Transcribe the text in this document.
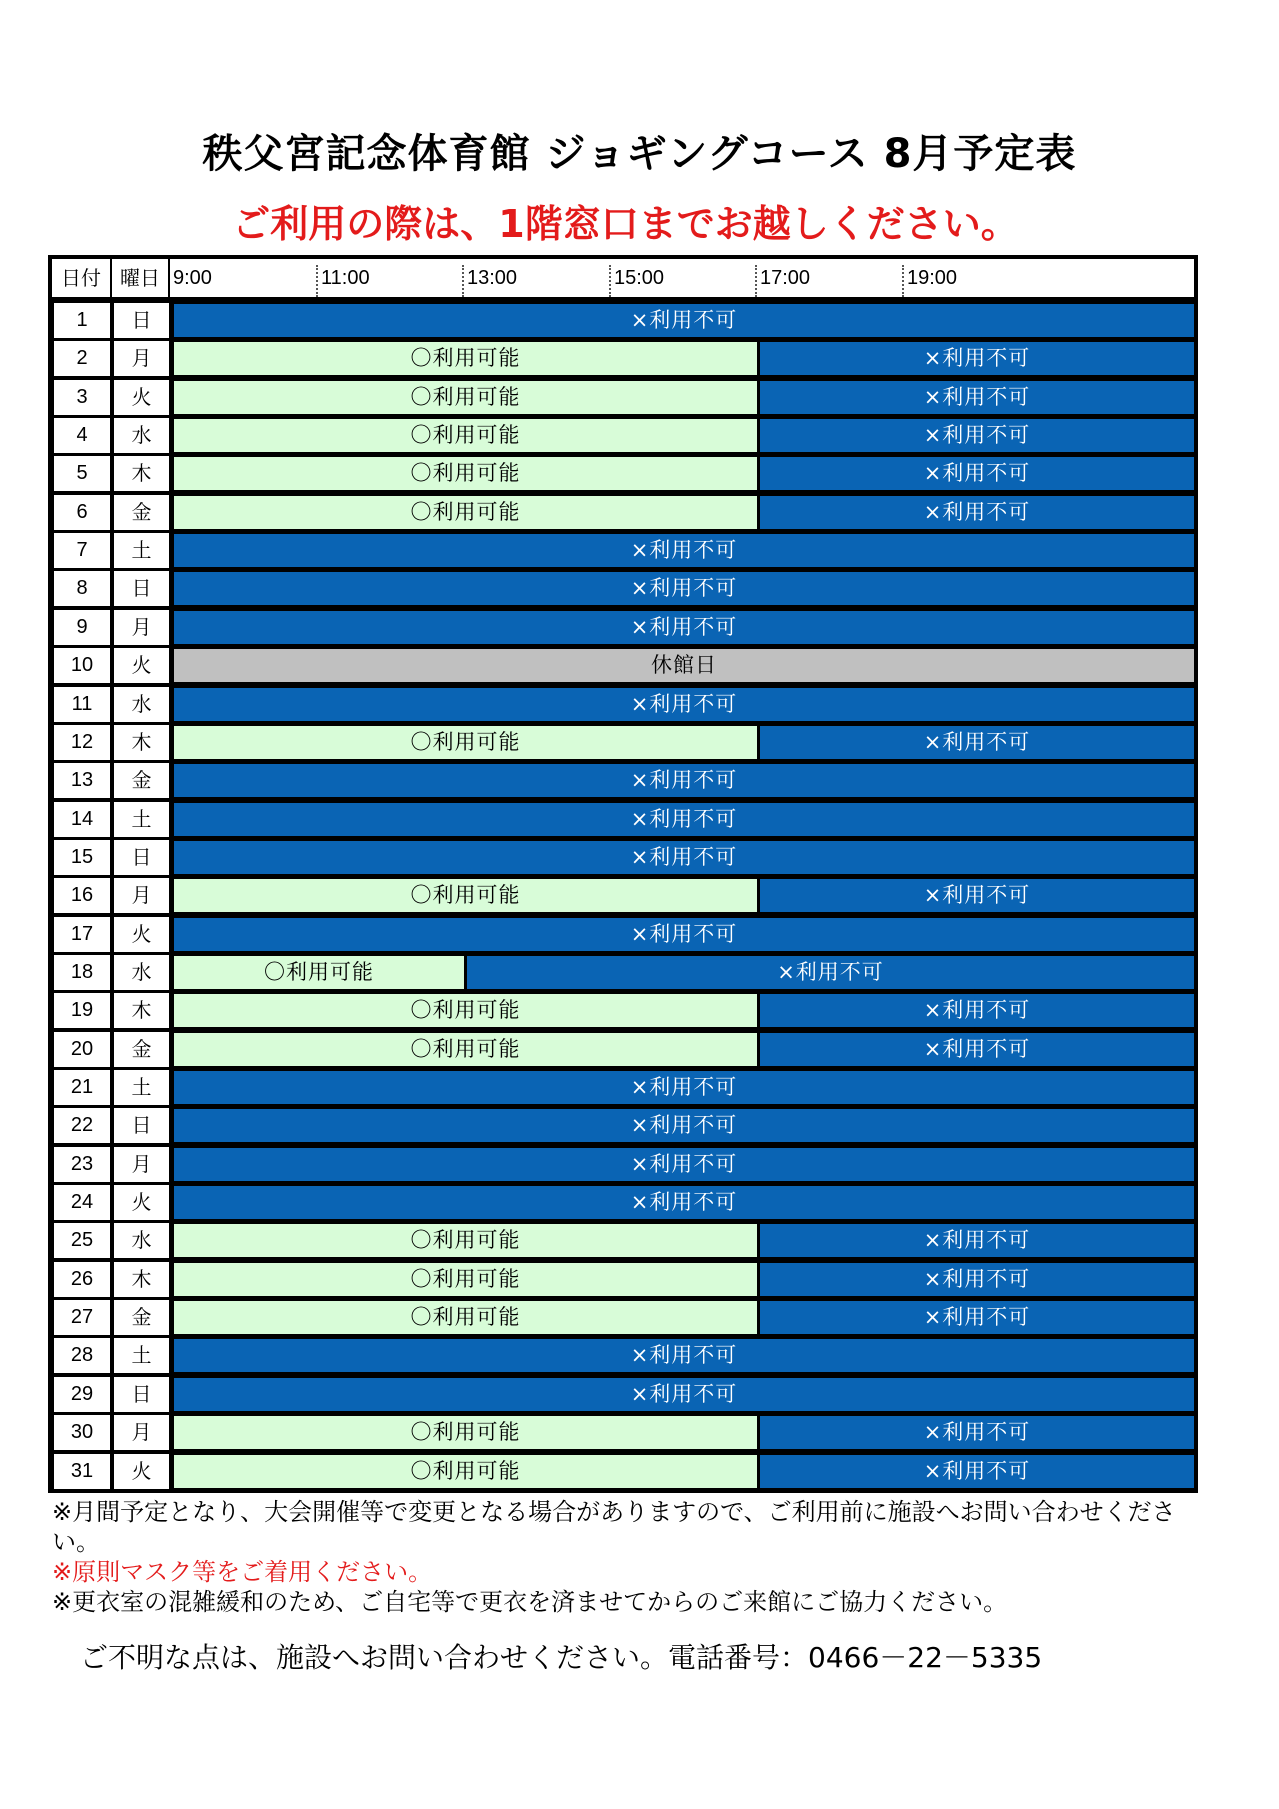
秩父宮記念体育館 ジョギングコース 8月予定表
ご利用の際は、1階窓口までお越しください。
日付 曜日 9:00	11:00	13:00	15:00	17:00	19:00
1	日	×利用不可
2	月	〇利用可能	×利用不可
3	火	〇利用可能	×利用不可
4	水	〇利用可能	×利用不可
5	木	〇利用可能	×利用不可
6	金	〇利用可能	×利用不可
7	土	×利用不可
8	日	×利用不可
9	月	×利用不可
10	火	休館日
11	水	×利用不可
12	木	〇利用可能	×利用不可
13	金	×利用不可
14	土	×利用不可
15	日	×利用不可
16	月	〇利用可能	×利用不可
17	火	×利用不可
18	水	〇利用可能	×利用不可
19	木	〇利用可能	×利用不可
20	金	〇利用可能	×利用不可
21	土	×利用不可
22	日	×利用不可
23	月	×利用不可
24	火	×利用不可
25	水	〇利用可能	×利用不可
26	木	〇利用可能	×利用不可
27	金	〇利用可能	×利用不可
28	土	×利用不可
29	日	×利用不可
30	月	〇利用可能	×利用不可
31	火	〇利用可能	×利用不可
※月間予定となり、大会開催等で変更となる場合がありますので、ご利用前に施設へお問い合わせください。
※原則マスク等をご着用ください。
※更衣室の混雑緩和のため、ご自宅等で更衣を済ませてからのご来館にご協力ください。
ご不明な点は、施設へお問い合わせください。電話番号：0466－22－5335
